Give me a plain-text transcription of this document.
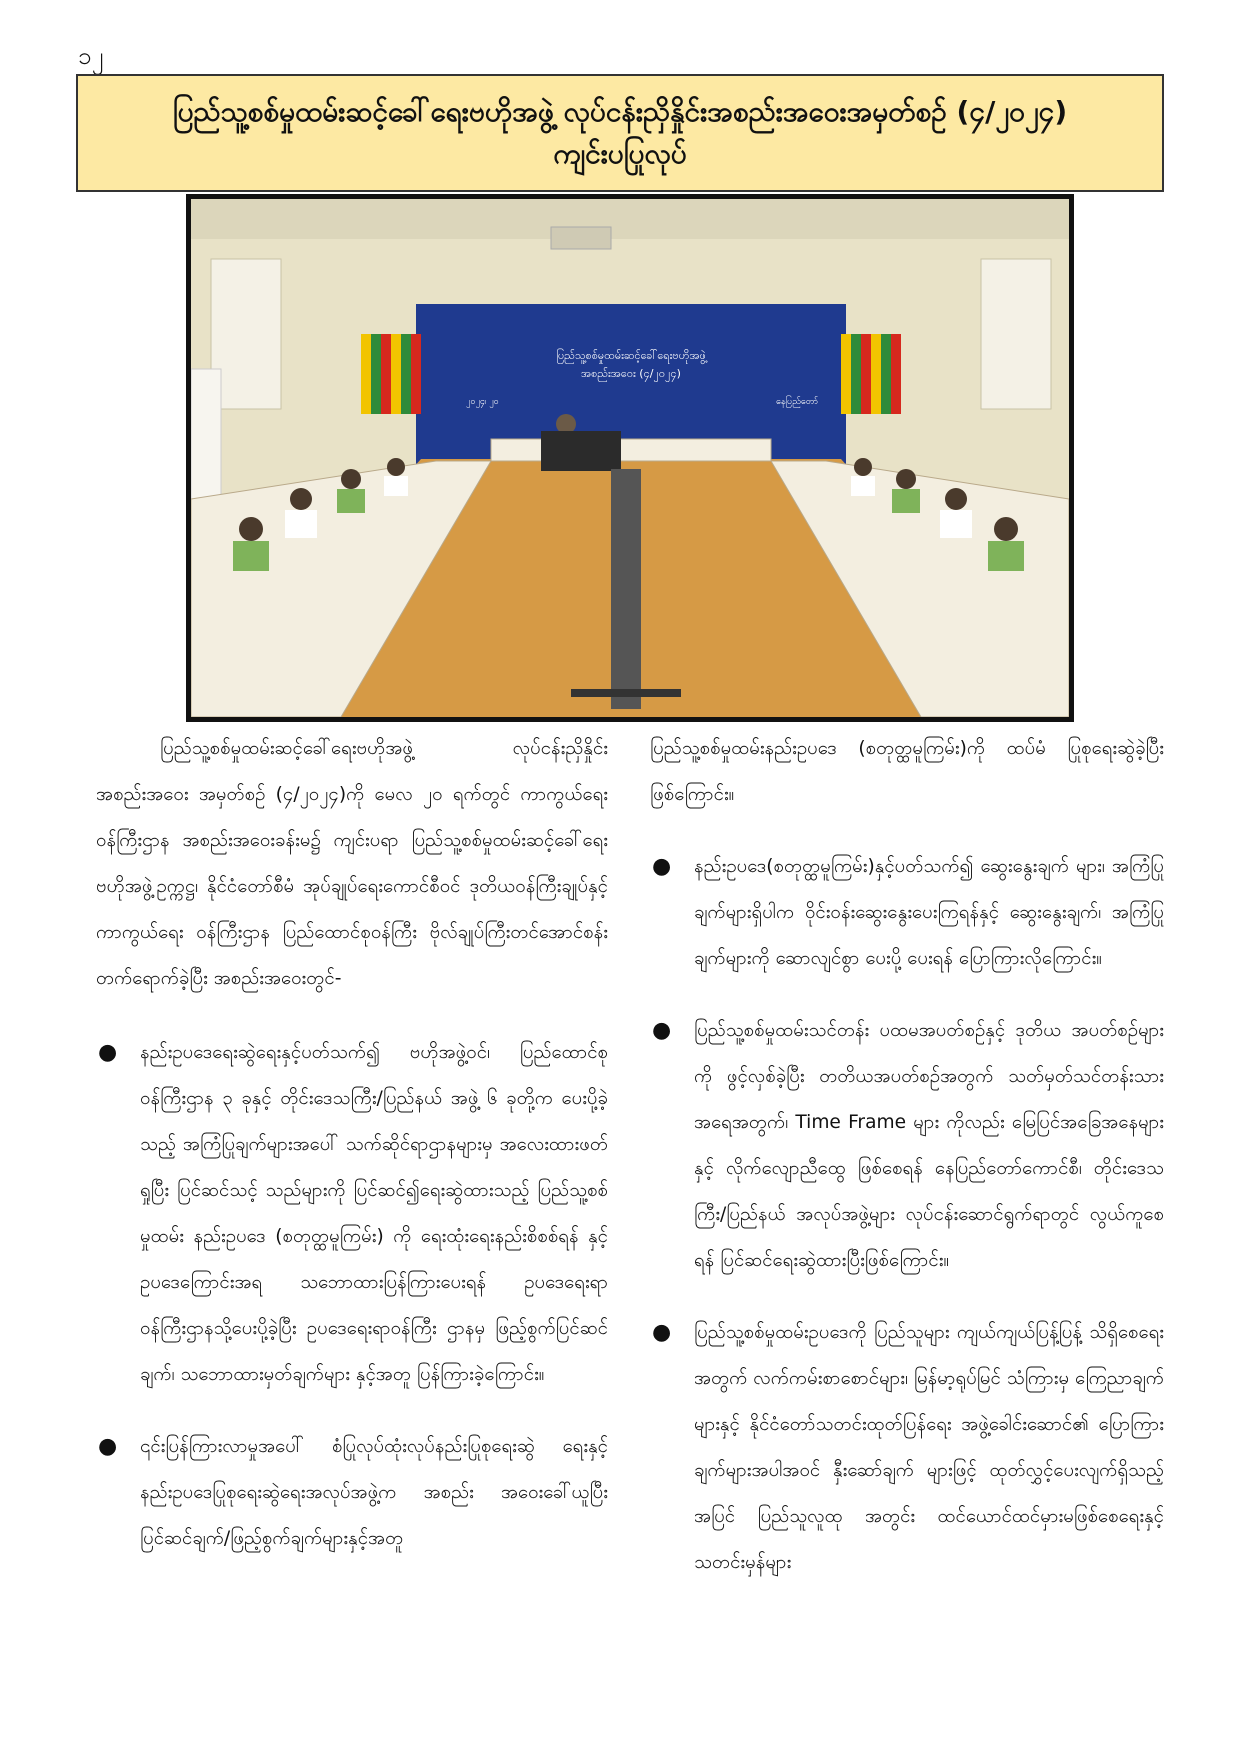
၁၂
ပြည်သူ့စစ်မှုထမ်းဆင့်ခေါ်ရေးဗဟိုအဖွဲ့ လုပ်ငန်းညှိနှိုင်းအစည်းအဝေးအမှတ်စဉ် (၄/၂၀၂၄)
ကျင်းပပြုလုပ်
ပြည်သူ့စစ်မှုထမ်းဆင့်ခေါ်ရေးဗဟိုအဖွဲ့
အစည်းအဝေး (၄/၂၀၂၄)
၂၀၂၄၊ ၂၀	နေပြည်တော်

ပြည်သူ့စစ်မှုထမ်းဆင့်ခေါ်ရေးဗဟိုအဖွဲ့ လုပ်ငန်းညှိနှိုင်း အစည်းအဝေး အမှတ်စဉ် (၄/၂၀၂၄)ကို မေလ ၂၀ ရက်တွင် ကာကွယ်ရေးဝန်ကြီးဌာန အစည်းအဝေးခန်းမ၌ ကျင်းပရာ ပြည်သူ့စစ်မှုထမ်းဆင့်ခေါ်ရေးဗဟိုအဖွဲ့ဥက္ကဋ္ဌ၊ နိုင်ငံတော်စီမံ အုပ်ချုပ်ရေးကောင်စီဝင် ဒုတိယဝန်ကြီးချုပ်နှင့် ကာကွယ်ရေး ဝန်ကြီးဌာန ပြည်ထောင်စုဝန်ကြီး ဗိုလ်ချုပ်ကြီးတင်အောင်စန်း တက်ရောက်ခဲ့ပြီး အစည်းအဝေးတွင်-

● နည်းဥပဒေရေးဆွဲရေးနှင့်ပတ်သက်၍ ဗဟိုအဖွဲ့ဝင်၊ ပြည်ထောင်စုဝန်ကြီးဌာန ၃ ခုနှင့် တိုင်းဒေသကြီး/ပြည်နယ် အဖွဲ့ ၆ ခုတို့က ပေးပို့ခဲ့သည့် အကြံပြုချက်များအပေါ် သက်ဆိုင်ရာဌာနများမှ အလေးထားဖတ်ရှုပြီး ပြင်ဆင်သင့် သည်များကို ပြင်ဆင်၍ရေးဆွဲထားသည့် ပြည်သူ့စစ်မှုထမ်း နည်းဥပဒေ (စတုတ္ထမူကြမ်း) ကို ရေးထုံးရေးနည်းစိစစ်ရန် နှင့် ဥပဒေကြောင်းအရ သဘောထားပြန်ကြားပေးရန် ဥပဒေရေးရာဝန်ကြီးဌာနသို့ပေးပို့ခဲ့ပြီး ဥပဒေရေးရာဝန်ကြီး ဌာနမှ ဖြည့်စွက်ပြင်ဆင်ချက်၊ သဘောထားမှတ်ချက်များ နှင့်အတူ ပြန်ကြားခဲ့ကြောင်း။
● ၎င်းပြန်ကြားလာမှုအပေါ် စံပြုလုပ်ထုံးလုပ်နည်းပြုစုရေးဆွဲ ရေးနှင့် နည်းဥပဒေပြုစုရေးဆွဲရေးအလုပ်အဖွဲ့က အစည်း အဝေးခေါ်ယူပြီး ပြင်ဆင်ချက်/ဖြည့်စွက်ချက်များနှင့်အတူ

ပြည်သူ့စစ်မှုထမ်းနည်းဥပဒေ (စတုတ္ထမူကြမ်း)ကို ထပ်မံ ပြုစုရေးဆွဲခဲ့ပြီးဖြစ်ကြောင်း။

● နည်းဥပဒေ(စတုတ္ထမူကြမ်း)နှင့်ပတ်သက်၍ ဆွေးနွေးချက် များ၊ အကြံပြုချက်များရှိပါက ဝိုင်းဝန်းဆွေးနွေးပေးကြရန်နှင့် ဆွေးနွေးချက်၊ အကြံပြုချက်များကို ဆောလျင်စွာ ပေးပို့ ပေးရန် ပြောကြားလိုကြောင်း။
● ပြည်သူ့စစ်မှုထမ်းသင်တန်း ပထမအပတ်စဉ်နှင့် ဒုတိယ အပတ်စဉ်များကို ဖွင့်လှစ်ခဲ့ပြီး တတိယအပတ်စဉ်အတွက် သတ်မှတ်သင်တန်းသားအရေအတွက်၊ Time Frame များ ကိုလည်း မြေပြင်အခြေအနေများနှင့် လိုက်လျောညီထွေ ဖြစ်စေရန် နေပြည်တော်ကောင်စီ၊ တိုင်းဒေသကြီး/ပြည်နယ် အလုပ်အဖွဲ့များ လုပ်ငန်းဆောင်ရွက်ရာတွင် လွယ်ကူစေရန် ပြင်ဆင်ရေးဆွဲထားပြီးဖြစ်ကြောင်း။
● ပြည်သူ့စစ်မှုထမ်းဥပဒေကို ပြည်သူများ ကျယ်ကျယ်ပြန့်ပြန့် သိရှိစေရေးအတွက် လက်ကမ်းစာစောင်များ၊ မြန်မာ့ရုပ်မြင် သံကြားမှ ကြေညာချက်များနှင့် နိုင်ငံတော်သတင်းထုတ်ပြန်ရေး အဖွဲ့ခေါင်းဆောင်၏ ပြောကြားချက်များအပါအဝင် နှီးဆော်ချက် များဖြင့် ထုတ်လွှင့်ပေးလျက်ရှိသည့်အပြင် ပြည်သူလူထု အတွင်း ထင်ယောင်ထင်မှားမဖြစ်စေရေးနှင့် သတင်းမှန်များ
